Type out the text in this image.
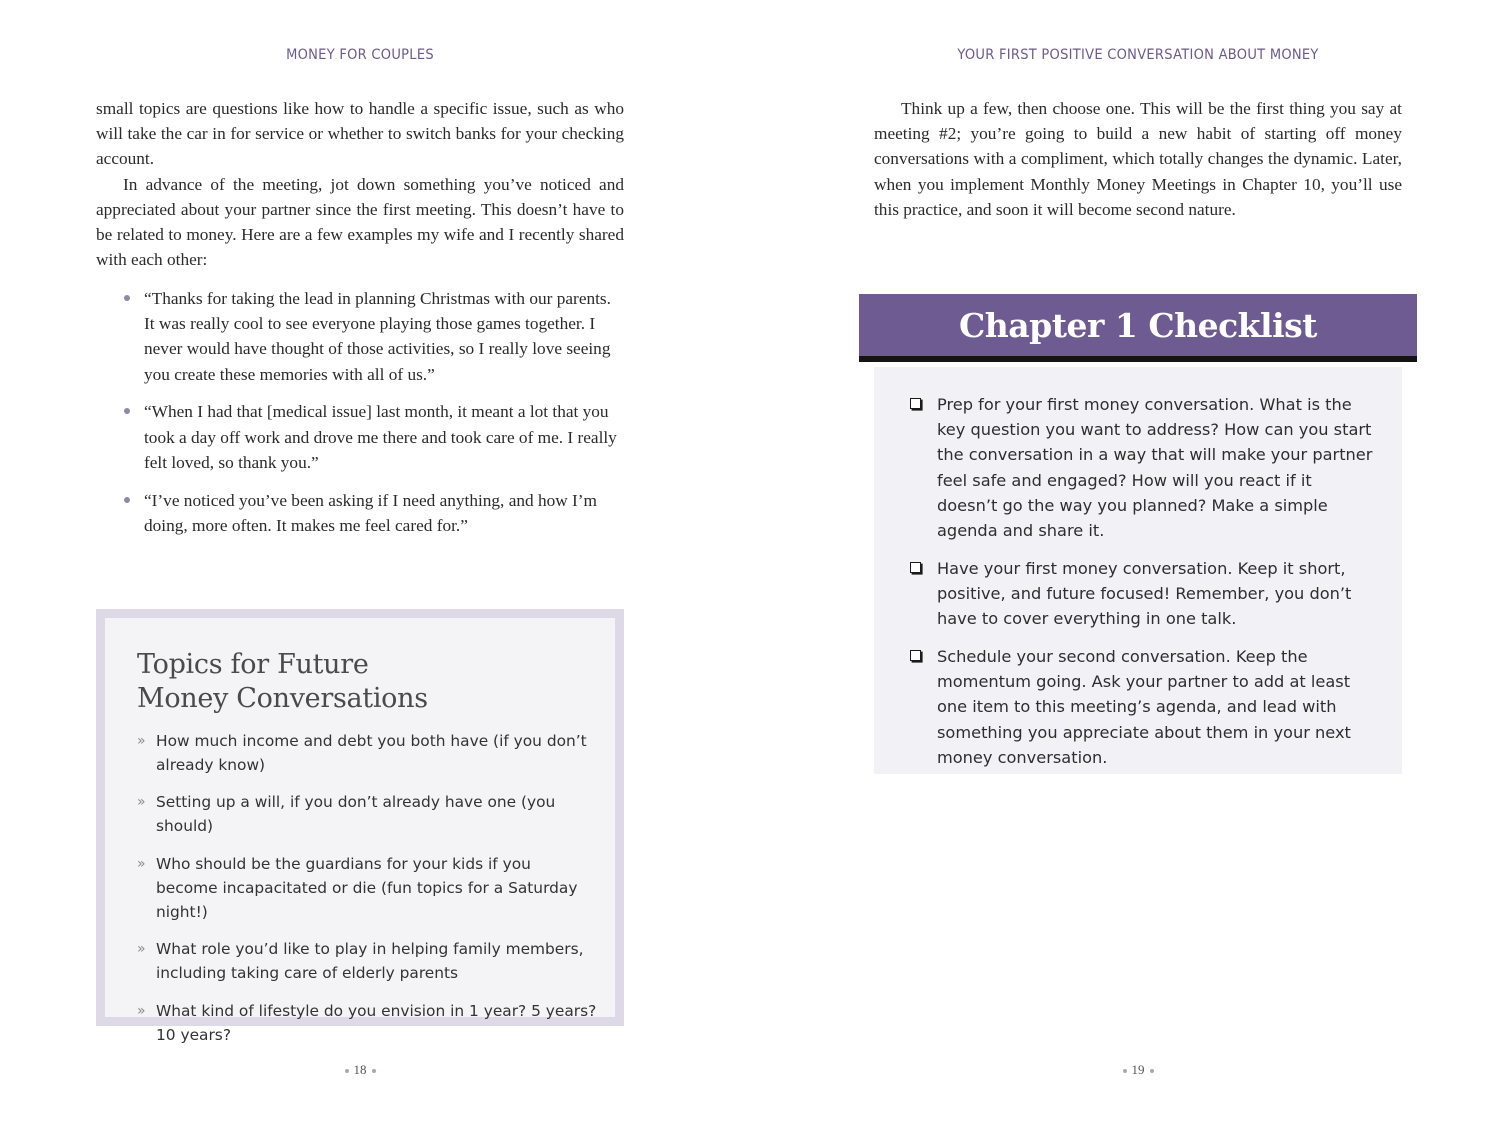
MONEY FOR COUPLES

small topics are questions like how to handle a specific issue, such as who will take the car in for service or whether to switch banks for your checking account.

In advance of the meeting, jot down something you’ve noticed and appreciated about your partner since the first meeting. This doesn’t have to be related to money. Here are a few examples my wife and I recently shared with each other:

“Thanks for taking the lead in planning Christmas with our parents. It was really cool to see everyone playing those games together. I never would have thought of those activities, so I really love seeing you create these memories with all of us.”
“When I had that [medical issue] last month, it meant a lot that you took a day off work and drove me there and took care of me. I really felt loved, so thank you.”
“I’ve noticed you’ve been asking if I need anything, and how I’m doing, more often. It makes me feel cared for.”
Topics for Future
Money Conversations
» How much income and debt you both have (if you don’t already know)
» Setting up a will, if you don’t already have one (you should)
» Who should be the guardians for your kids if you become incapacitated or die (fun topics for a Saturday night!)
» What role you’d like to play in helping family members, including taking care of elderly parents
» What kind of lifestyle do you envision in 1 year? 5 years? 10 years?
18
YOUR FIRST POSITIVE CONVERSATION ABOUT MONEY

Think up a few, then choose one. This will be the first thing you say at meeting #2; you’re going to build a new habit of starting off money conversations with a compliment, which totally changes the dynamic. Later, when you implement Monthly Money Meetings in Chapter 10, you’ll use this practice, and soon it will become second nature.

Chapter 1 Checklist
Prep for your first money conversation. What is the key question you want to address? How can you start the conversation in a way that will make your partner feel safe and engaged? How will you react if it doesn’t go the way you planned? Make a simple agenda and share it.
Have your first money conversation. Keep it short, positive, and future focused! Remember, you don’t have to cover everything in one talk.
Schedule your second conversation. Keep the momentum going. Ask your partner to add at least one item to this meeting’s agenda, and lead with something you appreciate about them in your next money conversation.
19
